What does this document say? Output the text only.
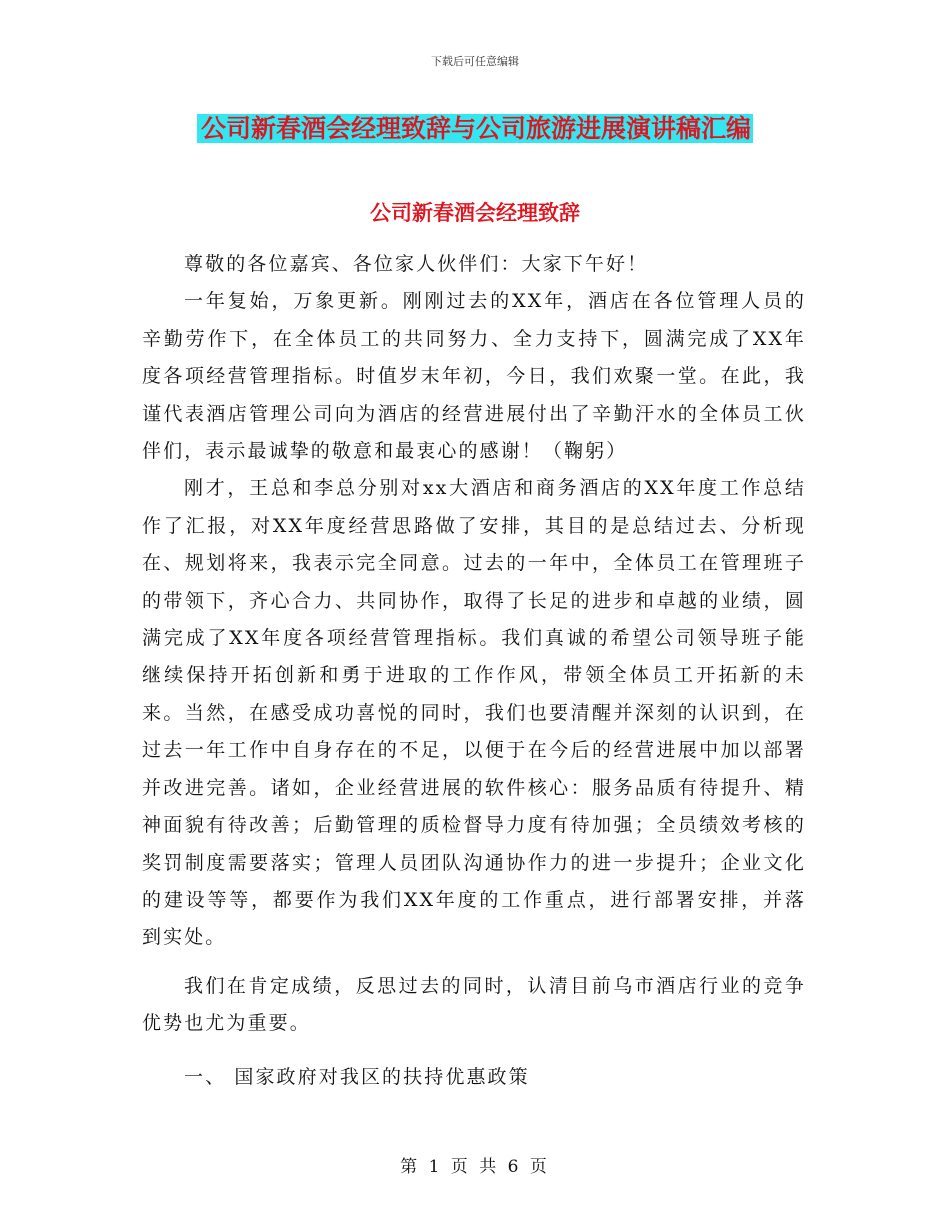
下载后可任意编辑
公司新春酒会经理致辞与公司旅游进展演讲稿汇编
公司新春酒会经理致辞

尊敬的各位嘉宾、各位家人伙伴们：大家下午好！

一年复始，万象更新。刚刚过去的XX年，酒店在各位管理人员的辛勤劳作下，在全体员工的共同努力、全力支持下，圆满完成了XX年度各项经营管理指标。时值岁末年初，今日，我们欢聚一堂。在此，我谨代表酒店管理公司向为酒店的经营进展付出了辛勤汗水的全体员工伙伴们，表示最诚挚的敬意和最衷心的感谢！（鞠躬）

刚才，王总和李总分别对xx大酒店和商务酒店的XX年度工作总结作了汇报，对XX年度经营思路做了安排，其目的是总结过去、分析现在、规划将来，我表示完全同意。过去的一年中，全体员工在管理班子的带领下，齐心合力、共同协作，取得了长足的进步和卓越的业绩，圆满完成了XX年度各项经营管理指标。我们真诚的希望公司领导班子能继续保持开拓创新和勇于进取的工作作风，带领全体员工开拓新的未来。当然，在感受成功喜悦的同时，我们也要清醒并深刻的认识到，在过去一年工作中自身存在的不足，以便于在今后的经营进展中加以部署并改进完善。诸如，企业经营进展的软件核心：服务品质有待提升、精神面貌有待改善；后勤管理的质检督导力度有待加强；全员绩效考核的奖罚制度需要落实；管理人员团队沟通协作力的进一步提升；企业文化的建设等等，都要作为我们XX年度的工作重点，进行部署安排，并落到实处。

我们在肯定成绩，反思过去的同时，认清目前乌市酒店行业的竞争优势也尤为重要。

一、 国家政府对我区的扶持优惠政策

第 1 页 共 6 页
